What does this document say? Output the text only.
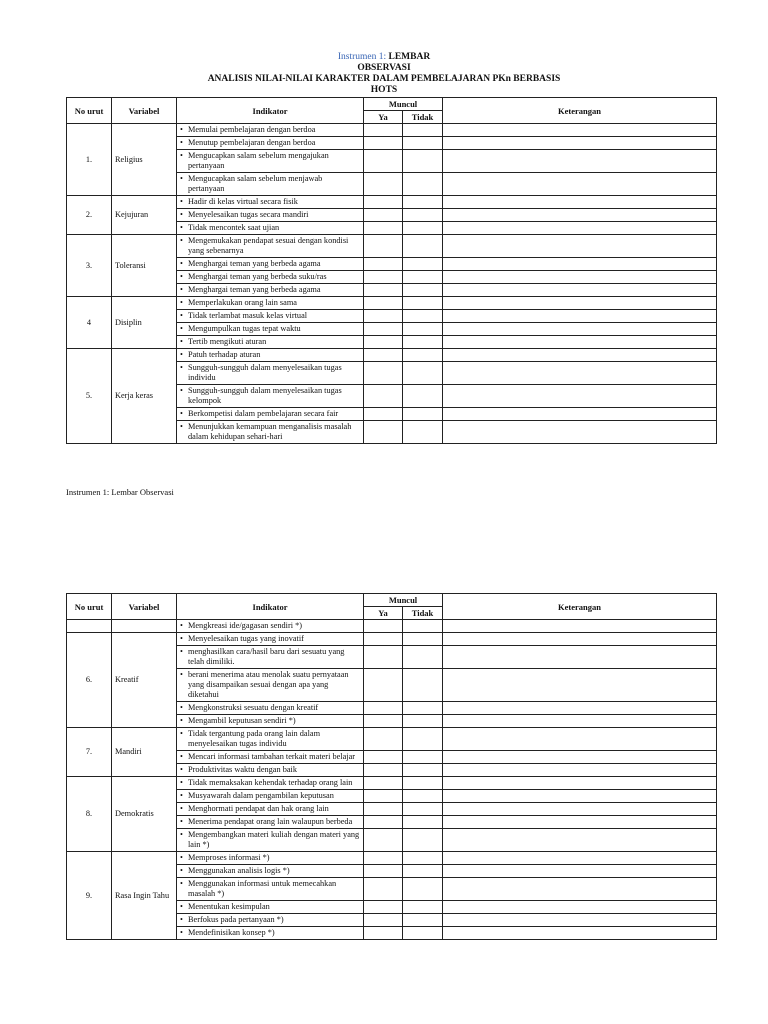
Instrumen 1: LEMBAR
OBSERVASI
ANALISIS NILAI-NILAI KARAKTER DALAM PEMBELAJARAN PKn BERBASIS
HOTS
No urut	Variabel	Indikator	Muncul		Keterangan
			Ya	Tidak	
1.	Religius	• Memulai pembelajaran dengan berdoa

		• Menutup pembelajaran dengan berdoa

		• Mengucapkan salam sebelum mengajukan pertanyaan

		• Mengucapkan salam sebelum menjawab pertanyaan

2.	Kejujuran	• Hadir di kelas virtual secara fisik

		• Menyelesaikan tugas secara mandiri

		• Tidak mencontek saat ujian

3.	Toleransi	• Mengemukakan pendapat sesuai dengan kondisi yang sebenarnya

		• Menghargai teman yang berbeda agama

		• Menghargai teman yang berbeda suku/ras

		• Menghargai teman yang berbeda agama

4	Disiplin	• Memperlakukan orang lain sama

		• Tidak terlambat masuk kelas virtual

		• Mengumpulkan tugas tepat waktu

		• Tertib mengikuti aturan

5.	Kerja keras	• Patuh terhadap aturan

		• Sungguh-sungguh dalam menyelesaikan tugas individu

		• Sungguh-sungguh dalam menyelesaikan tugas kelompok

		• Berkompetisi dalam pembelajaran secara fair

		• Menunjukkan kemampuan menganalisis masalah dalam kehidupan sehari-hari

Instrumen 1: Lembar Observasi
No urut	Variabel	Indikator	Muncul		Keterangan
			Ya	Tidak	

		• Mengkreasi ide/gagasan sendiri *)

6.	Kreatif	• Menyelesaikan tugas yang inovatif

		• menghasilkan cara/hasil baru dari sesuatu yang telah dimiliki.

		• berani menerima atau menolak suatu pernyataan yang disampaikan sesuai dengan apa yang diketahui

		• Mengkonstruksi sesuatu dengan kreatif

		• Mengambil keputusan sendiri *)

7.	Mandiri	• Tidak tergantung pada orang lain dalam menyelesaikan tugas individu

		• Mencari informasi tambahan terkait materi belajar

		• Produktivitas waktu dengan baik

8.	Demokratis	• Tidak memaksakan kehendak terhadap orang lain

		• Musyawarah dalam pengambilan keputusan

		• Menghormati pendapat dan hak orang lain

		• Menerima pendapat orang lain walaupun berbeda

		• Mengembangkan materi kuliah dengan materi yang lain *)

9.	Rasa Ingin Tahu	• Memproses informasi *)

		• Menggunakan analisis logis *)

		• Menggunakan informasi untuk memecahkan masalah *)

		• Menentukan kesimpulan

		• Berfokus pada pertanyaan *)

		• Mendefinisikan konsep *)
